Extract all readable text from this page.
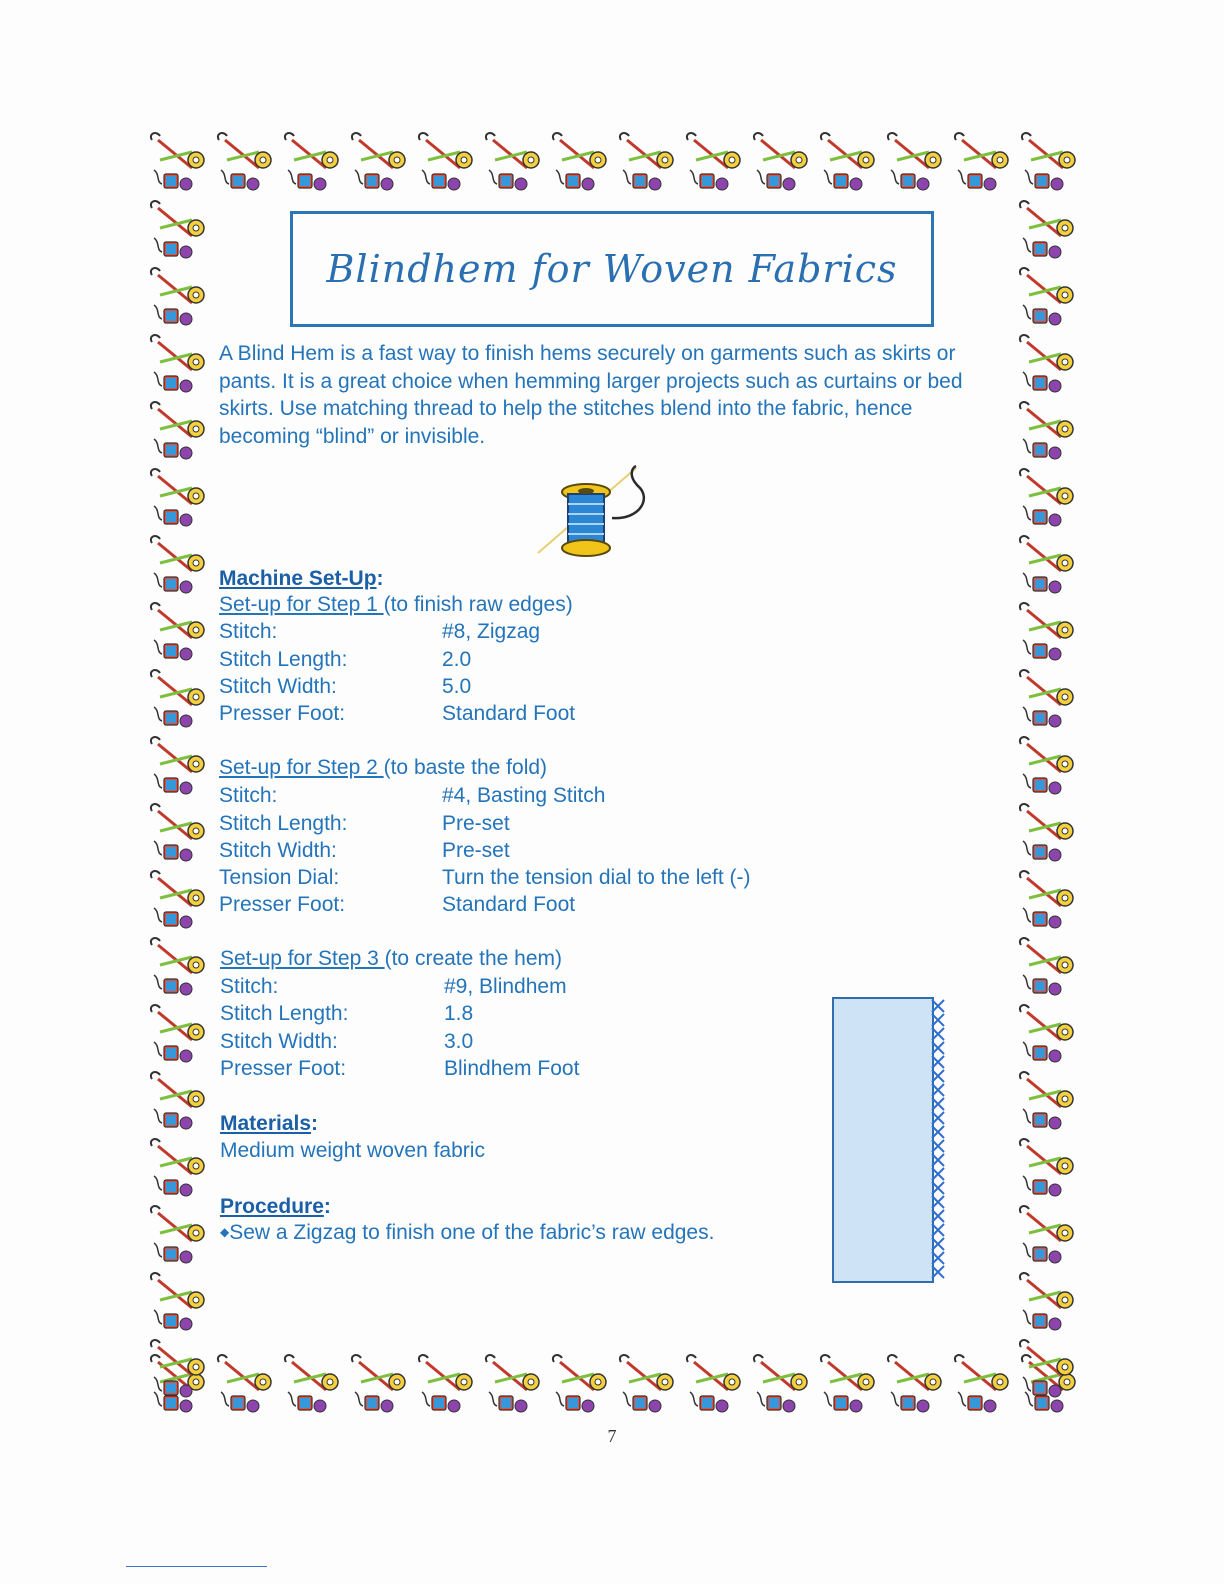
Blindhem for Woven Fabrics
A Blind Hem is a fast way to finish hems securely on garments such as skirts or pants. It is a great choice when hemming larger projects such as curtains or bed skirts. Use matching thread to help the stitches blend into the fabric, hence becoming “blind” or invisible.
Machine Set-Up:
Set-up for Step 1 (to finish raw edges)
Stitch:	#8, Zigzag
Stitch Length:	2.0
Stitch Width:	5.0
Presser Foot:	Standard Foot
Set-up for Step 2 (to baste the fold)
Stitch:	#4, Basting Stitch
Stitch Length:	Pre-set
Stitch Width:	Pre-set
Tension Dial:	Turn the tension dial to the left (-)
Presser Foot:	Standard Foot
Set-up for Step 3 (to create the hem)
Stitch:	#9, Blindhem
Stitch Length:	1.8
Stitch Width:	3.0
Presser Foot:	Blindhem Foot
Materials:
Medium weight woven fabric
Procedure:
◆Sew a Zigzag to finish one of the fabric’s raw edges.
7
